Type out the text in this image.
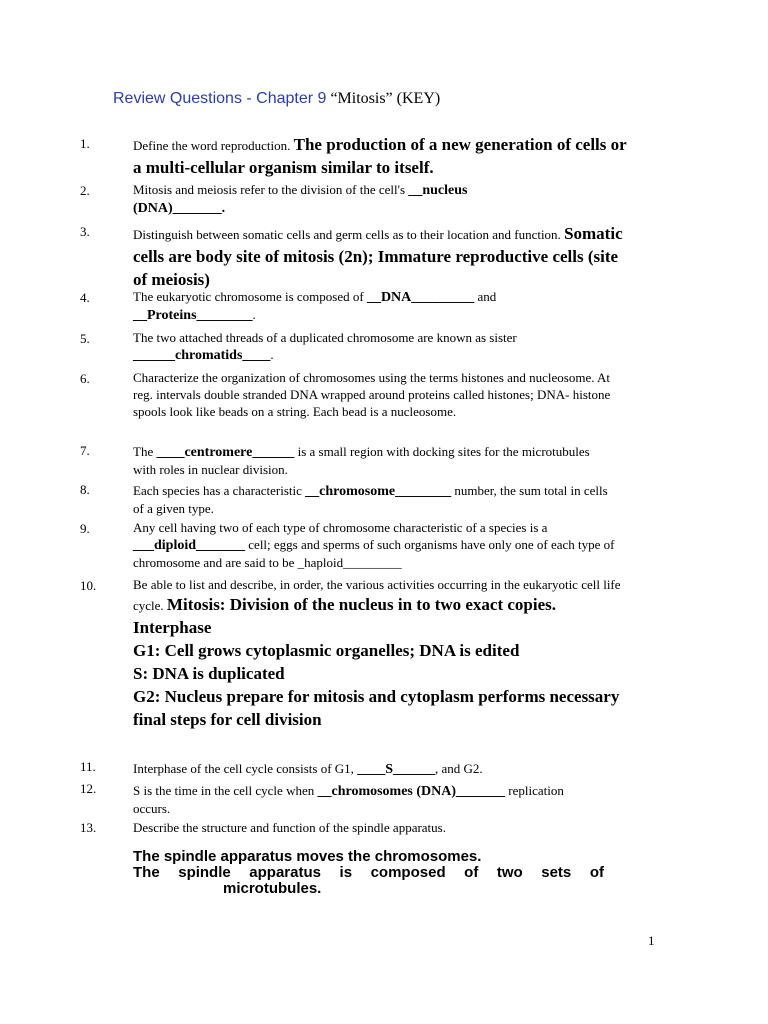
Review Questions - Chapter 9 “Mitosis” (KEY)
1.	Define the word reproduction. The production of a new generation of cells or a multi-cellular organism similar to itself.
2.	Mitosis and meiosis refer to the division of the cell's __nucleus (DNA)_______.
3.	Distinguish between somatic cells and germ cells as to their location and function. Somatic cells are body site of mitosis (2n); Immature reproductive cells (site of meiosis)
4.	The eukaryotic chromosome is composed of __DNA_________ and __Proteins________.
5.	The two attached threads of a duplicated chromosome are known as sister ______chromatids____.
6.	Characterize the organization of chromosomes using the terms histones and nucleosome. At reg. intervals double stranded DNA wrapped around proteins called histones; DNA- histone spools look like beads on a string. Each bead is a nucleosome.
7.	The ____centromere______ is a small region with docking sites for the microtubules with roles in nuclear division.
8.	Each species has a characteristic __chromosome________ number, the sum total in cells of a given type.
9.	Any cell having two of each type of chromosome characteristic of a species is a ___diploid_______ cell; eggs and sperms of such organisms have only one of each type of chromosome and are said to be _haploid_________
10.	Be able to list and describe, in order, the various activities occurring in the eukaryotic cell life cycle. Mitosis: Division of the nucleus in to two exact copies.
Interphase
G1: Cell grows cytoplasmic organelles; DNA is edited
S: DNA is duplicated
G2: Nucleus prepare for mitosis and cytoplasm performs necessary final steps for cell division
11.	Interphase of the cell cycle consists of G1, ____S______, and G2.
12.	S is the time in the cell cycle when __chromosomes (DNA)_______ replication occurs.
13.	Describe the structure and function of the spindle apparatus.
The spindle apparatus moves the chromosomes.
The spindle apparatus is composed of two sets of
microtubules.
1
